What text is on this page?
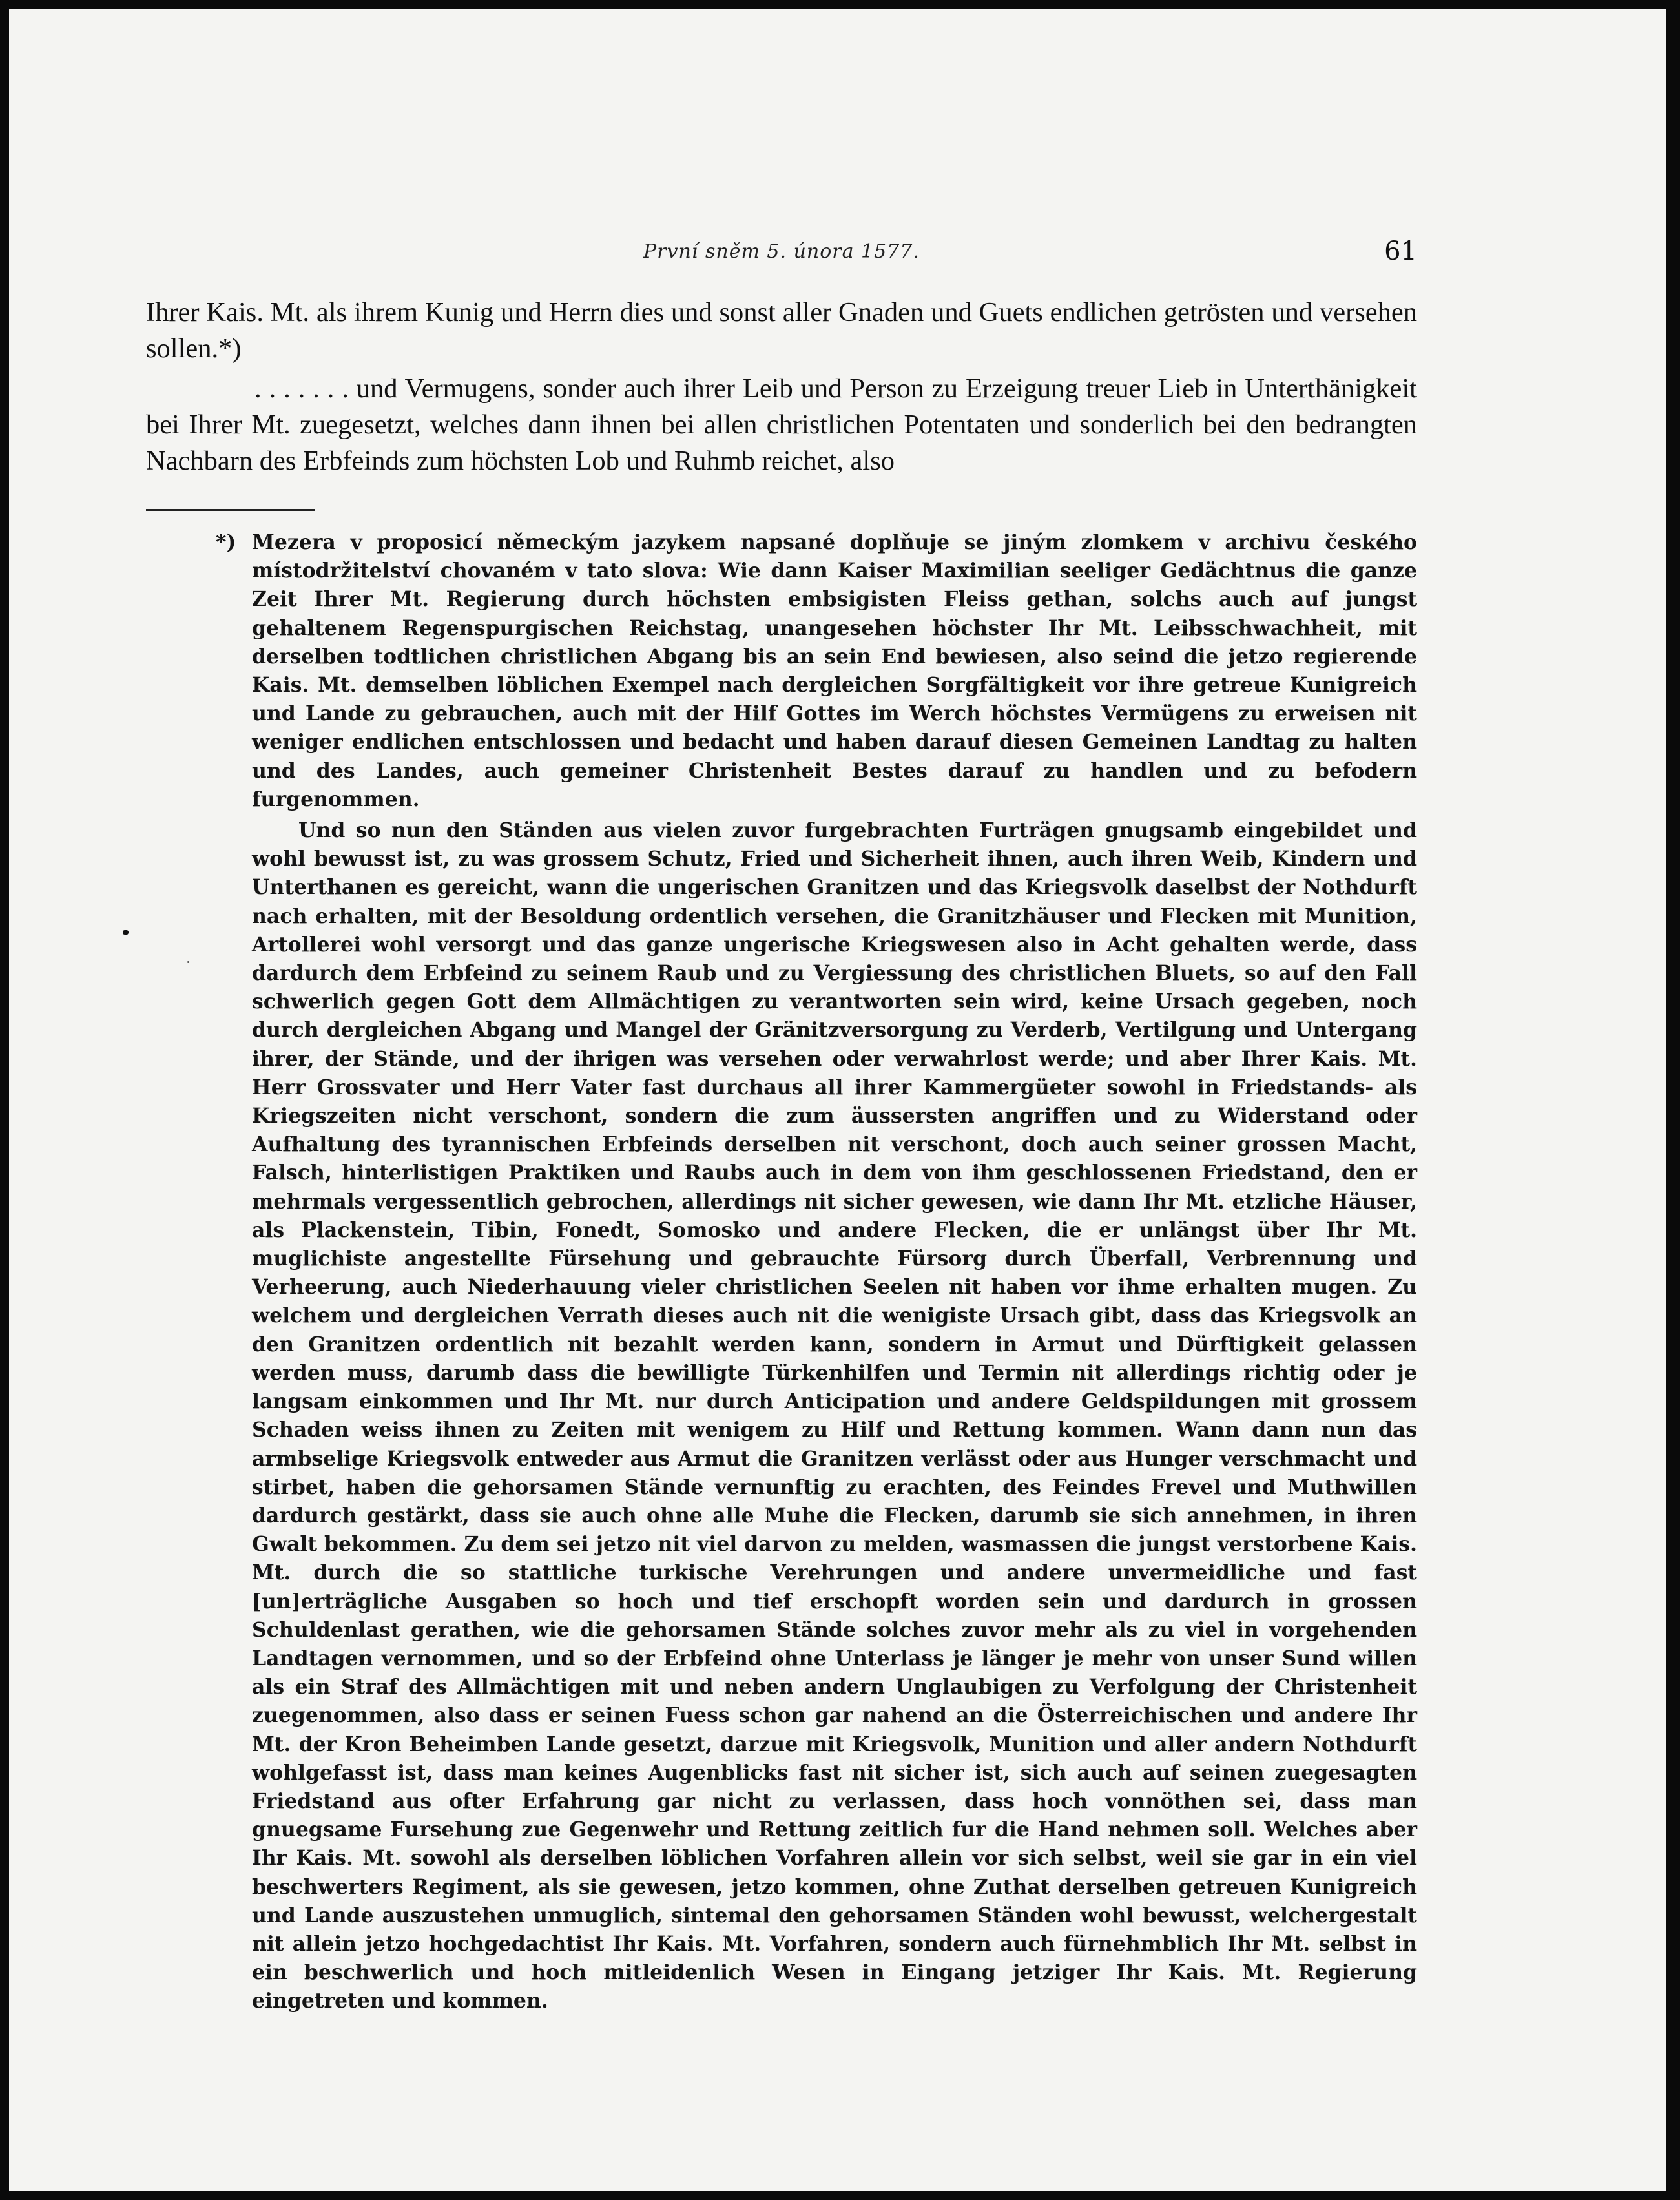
První sněm 5. února 1577.	61

Ihrer Kais. Mt. als ihrem Kunig und Herrn dies und sonst aller Gnaden und Guets endlichen getrösten und versehen sollen.*)

. . . . . . . und Vermugens, sonder auch ihrer Leib und Person zu Erzeigung treuer Lieb in Unterthänigkeit bei Ihrer Mt. zuegesetzt, welches dann ihnen bei allen christlichen Potentaten und sonderlich bei den bedrangten Nachbarn des Erbfeinds zum höchsten Lob und Ruhmb reichet, also

*) Mezera v proposicí německým jazykem napsané doplňuje se jiným zlomkem v archivu českého místodržitelství chovaném v tato slova: Wie dann Kaiser Maximilian seeliger Gedächtnus die ganze Zeit Ihrer Mt. Regierung durch höchsten embsigisten Fleiss gethan, solchs auch auf jungst gehaltenem Regenspurgischen Reichstag, unangesehen höchster Ihr Mt. Leibsschwachheit, mit derselben todtlichen christlichen Abgang bis an sein End bewiesen, also seind die jetzo regierende Kais. Mt. demselben löblichen Exempel nach dergleichen Sorgfältigkeit vor ihre getreue Kunigreich und Lande zu gebrauchen, auch mit der Hilf Gottes im Werch höchstes Vermügens zu erweisen nit weniger endlichen entschlossen und bedacht und haben darauf diesen Gemeinen Landtag zu halten und des Landes, auch gemeiner Christenheit Bestes darauf zu handlen und zu befodern furgenommen.

Und so nun den Ständen aus vielen zuvor furgebrachten Furträgen gnugsamb eingebildet und wohl bewusst ist, zu was grossem Schutz, Fried und Sicherheit ihnen, auch ihren Weib, Kindern und Unterthanen es gereicht, wann die ungerischen Granitzen und das Kriegsvolk daselbst der Nothdurft nach erhalten, mit der Besoldung ordentlich versehen, die Granitzhäuser und Flecken mit Munition, Artollerei wohl versorgt und das ganze ungerische Kriegswesen also in Acht gehalten werde, dass dardurch dem Erbfeind zu seinem Raub und zu Vergiessung des christlichen Bluets, so auf den Fall schwerlich gegen Gott dem Allmächtigen zu verantworten sein wird, keine Ursach gegeben, noch durch dergleichen Abgang und Mangel der Gränitzversorgung zu Verderb, Vertilgung und Untergang ihrer, der Stände, und der ihrigen was versehen oder verwahrlost werde; und aber Ihrer Kais. Mt. Herr Grossvater und Herr Vater fast durchaus all ihrer Kammergüeter sowohl in Friedstands- als Kriegszeiten nicht verschont, sondern die zum äussersten angriffen und zu Widerstand oder Aufhaltung des tyrannischen Erbfeinds derselben nit verschont, doch auch seiner grossen Macht, Falsch, hinterlistigen Praktiken und Raubs auch in dem von ihm geschlossenen Friedstand, den er mehrmals vergessentlich gebrochen, allerdings nit sicher gewesen, wie dann Ihr Mt. etzliche Häuser, als Plackenstein, Tibin, Fonedt, Somosko und andere Flecken, die er unlängst über Ihr Mt. muglichiste angestellte Fürsehung und gebrauchte Fürsorg durch Überfall, Verbrennung und Verheerung, auch Niederhauung vieler christlichen Seelen nit haben vor ihme erhalten mugen. Zu welchem und dergleichen Verrath dieses auch nit die wenigiste Ursach gibt, dass das Kriegsvolk an den Granitzen ordentlich nit bezahlt werden kann, sondern in Armut und Dürftigkeit gelassen werden muss, darumb dass die bewilligte Türkenhilfen und Termin nit allerdings richtig oder je langsam einkommen und Ihr Mt. nur durch Anticipation und andere Geldspildungen mit grossem Schaden weiss ihnen zu Zeiten mit wenigem zu Hilf und Rettung kommen. Wann dann nun das armbselige Kriegsvolk entweder aus Armut die Granitzen verlässt oder aus Hunger verschmacht und stirbet, haben die gehorsamen Stände vernunftig zu erachten, des Feindes Frevel und Muthwillen dardurch gestärkt, dass sie auch ohne alle Muhe die Flecken, darumb sie sich annehmen, in ihren Gwalt bekommen. Zu dem sei jetzo nit viel darvon zu melden, wasmassen die jungst verstorbene Kais. Mt. durch die so stattliche turkische Verehrungen und andere unvermeidliche und fast [un]erträgliche Ausgaben so hoch und tief erschopft worden sein und dardurch in grossen Schuldenlast gerathen, wie die gehorsamen Stände solches zuvor mehr als zu viel in vorgehenden Landtagen vernommen, und so der Erbfeind ohne Unterlass je länger je mehr von unser Sund willen als ein Straf des Allmächtigen mit und neben andern Unglaubigen zu Verfolgung der Christenheit zuegenommen, also dass er seinen Fuess schon gar nahend an die Österreichischen und andere Ihr Mt. der Kron Beheimben Lande gesetzt, darzue mit Kriegsvolk, Munition und aller andern Nothdurft wohlgefasst ist, dass man keines Augenblicks fast nit sicher ist, sich auch auf seinen zuegesagten Friedstand aus ofter Erfahrung gar nicht zu verlassen, dass hoch vonnöthen sei, dass man gnuegsame Fursehung zue Gegenwehr und Rettung zeitlich fur die Hand nehmen soll. Welches aber Ihr Kais. Mt. sowohl als derselben löblichen Vorfahren allein vor sich selbst, weil sie gar in ein viel beschwerters Regiment, als sie gewesen, jetzo kommen, ohne Zuthat derselben getreuen Kunigreich und Lande auszustehen unmuglich, sintemal den gehorsamen Ständen wohl bewusst, welchergestalt nit allein jetzo hochgedachtist Ihr Kais. Mt. Vorfahren, sondern auch fürnehmblich Ihr Mt. selbst in ein beschwerlich und hoch mitleidenlich Wesen in Eingang jetziger Ihr Kais. Mt. Regierung eingetreten und kommen.
